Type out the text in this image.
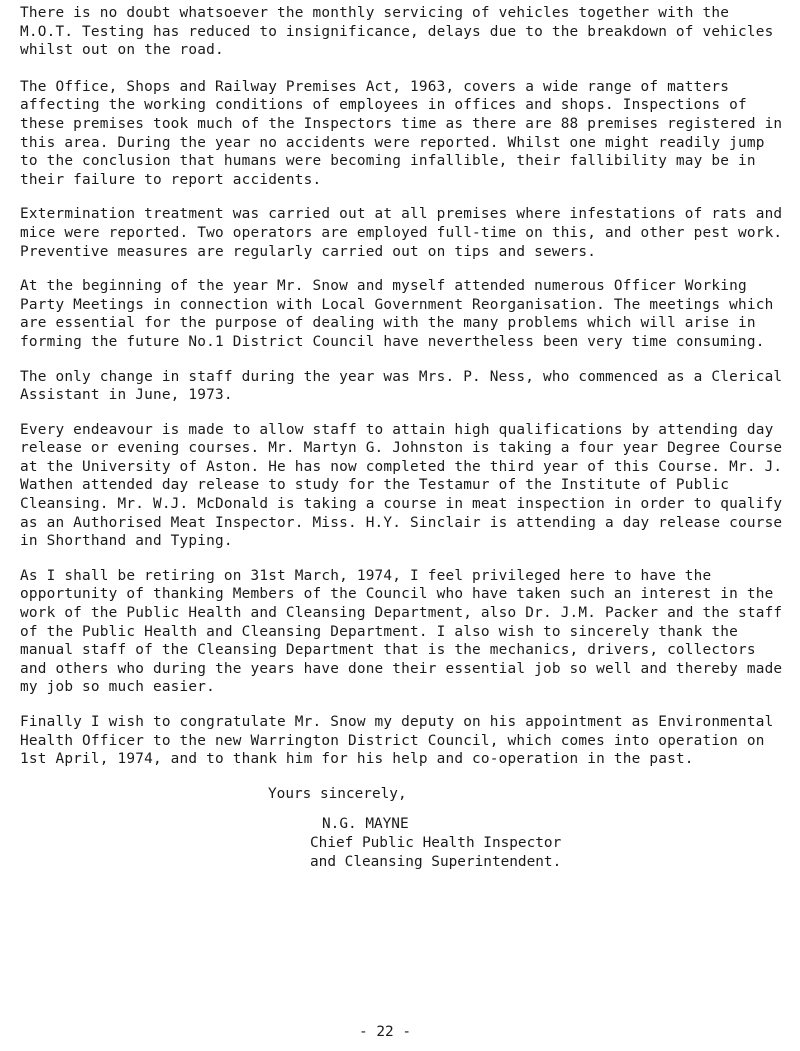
There is no doubt whatsoever the monthly servicing of vehicles together with the M.O.T. Testing has reduced to insignificance, delays due to the breakdown of vehicles whilst out on the road.

The Office, Shops and Railway Premises Act, 1963, covers a wide range of matters affecting the working conditions of employees in offices and shops. Inspections of these premises took much of the Inspectors time as there are 88 premises registered in this area. During the year no accidents were reported. Whilst one might readily jump to the conclusion that humans were becoming infallible, their fallibility may be in their failure to report accidents.

Extermination treatment was carried out at all premises where infestations of rats and mice were reported. Two operators are employed full-time on this, and other pest work. Preventive measures are regularly carried out on tips and sewers.

At the beginning of the year Mr. Snow and myself attended numerous Officer Working Party Meetings in connection with Local Government Reorganisation. The meetings which are essential for the purpose of dealing with the many problems which will arise in forming the future No.1 District Council have nevertheless been very time consuming.

The only change in staff during the year was Mrs. P. Ness, who commenced as a Clerical Assistant in June, 1973.

Every endeavour is made to allow staff to attain high qualifications by attending day release or evening courses. Mr. Martyn G. Johnston is taking a four year Degree Course at the University of Aston. He has now completed the third year of this Course. Mr. J. Wathen attended day release to study for the Testamur of the Institute of Public Cleansing. Mr. W.J. McDonald is taking a course in meat inspection in order to qualify as an Authorised Meat Inspector. Miss. H.Y. Sinclair is attending a day release course in Shorthand and Typing.

As I shall be retiring on 31st March, 1974, I feel privileged here to have the opportunity of thanking Members of the Council who have taken such an interest in the work of the Public Health and Cleansing Department, also Dr. J.M. Packer and the staff of the Public Health and Cleansing Department. I also wish to sincerely thank the manual staff of the Cleansing Department that is the mechanics, drivers, collectors and others who during the years have done their essential job so well and thereby made my job so much easier.

Finally I wish to congratulate Mr. Snow my deputy on his appointment as Environmental Health Officer to the new Warrington District Council, which comes into operation on 1st April, 1974, and to thank him for his help and co-operation in the past.

Yours sincerely,
N.G. MAYNE
Chief Public Health Inspector
and Cleansing Superintendent.
- 22 -
